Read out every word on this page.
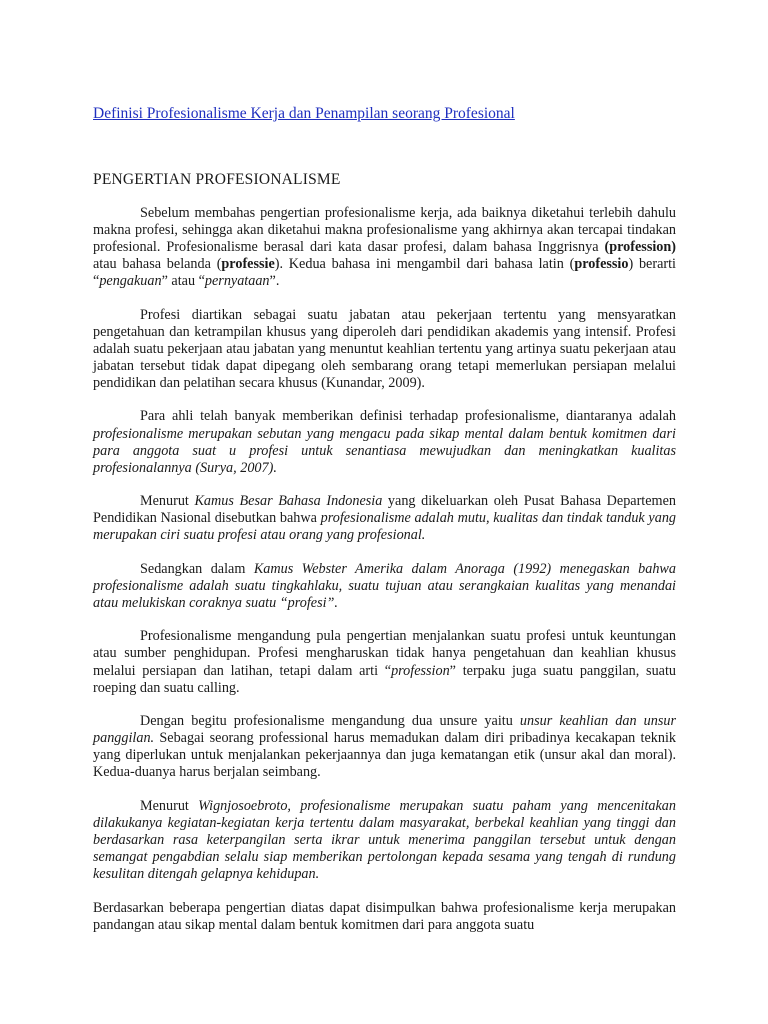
Definisi Profesionalisme Kerja dan Penampilan seorang Profesional
PENGERTIAN PROFESIONALISME

Sebelum membahas pengertian profesionalisme kerja, ada baiknya diketahui terlebih dahulu makna profesi, sehingga akan diketahui makna profesionalisme yang akhirnya akan tercapai tindakan profesional. Profesionalisme berasal dari kata dasar profesi, dalam bahasa Inggrisnya (profession) atau bahasa belanda (professie). Kedua bahasa ini mengambil dari bahasa latin (professio) berarti “pengakuan” atau “pernyataan”.

Profesi diartikan sebagai suatu jabatan atau pekerjaan tertentu yang mensyaratkan pengetahuan dan ketrampilan khusus yang diperoleh dari pendidikan akademis yang intensif. Profesi adalah suatu pekerjaan atau jabatan yang menuntut keahlian tertentu yang artinya suatu pekerjaan atau jabatan tersebut tidak dapat dipegang oleh sembarang orang tetapi memerlukan persiapan melalui pendidikan dan pelatihan secara khusus (Kunandar, 2009).

Para ahli telah banyak memberikan definisi terhadap profesionalisme, diantaranya adalah profesionalisme merupakan sebutan yang mengacu pada sikap mental dalam bentuk komitmen dari para anggota suat u profesi untuk senantiasa mewujudkan dan meningkatkan kualitas profesionalannya (Surya, 2007).

Menurut Kamus Besar Bahasa Indonesia yang dikeluarkan oleh Pusat Bahasa Departemen Pendidikan Nasional disebutkan bahwa profesionalisme adalah mutu, kualitas dan tindak tanduk yang merupakan ciri suatu profesi atau orang yang profesional.

Sedangkan dalam Kamus Webster Amerika dalam Anoraga (1992) menegaskan bahwa profesionalisme adalah suatu tingkahlaku, suatu tujuan atau serangkaian kualitas yang menandai atau melukiskan coraknya suatu “profesi”.

Profesionalisme mengandung pula pengertian menjalankan suatu profesi untuk keuntungan atau sumber penghidupan. Profesi mengharuskan tidak hanya pengetahuan dan keahlian khusus melalui persiapan dan latihan, tetapi dalam arti “profession” terpaku juga suatu panggilan, suatu roeping dan suatu calling.

Dengan begitu profesionalisme mengandung dua unsure yaitu unsur keahlian dan unsur panggilan. Sebagai seorang professional harus memadukan dalam diri pribadinya kecakapan teknik yang diperlukan untuk menjalankan pekerjaannya dan juga kematangan etik (unsur akal dan moral). Kedua-duanya harus berjalan seimbang.

Menurut Wignjosoebroto, profesionalisme merupakan suatu paham yang mencenitakan dilakukanya kegiatan-kegiatan kerja tertentu dalam masyarakat, berbekal keahlian yang tinggi dan berdasarkan rasa keterpangilan serta ikrar untuk menerima panggilan tersebut untuk dengan semangat pengabdian selalu siap memberikan pertolongan kepada sesama yang tengah di rundung kesulitan ditengah gelapnya kehidupan.

Berdasarkan beberapa pengertian diatas dapat disimpulkan bahwa profesionalisme kerja merupakan pandangan atau sikap mental dalam bentuk komitmen dari para anggota suatu
